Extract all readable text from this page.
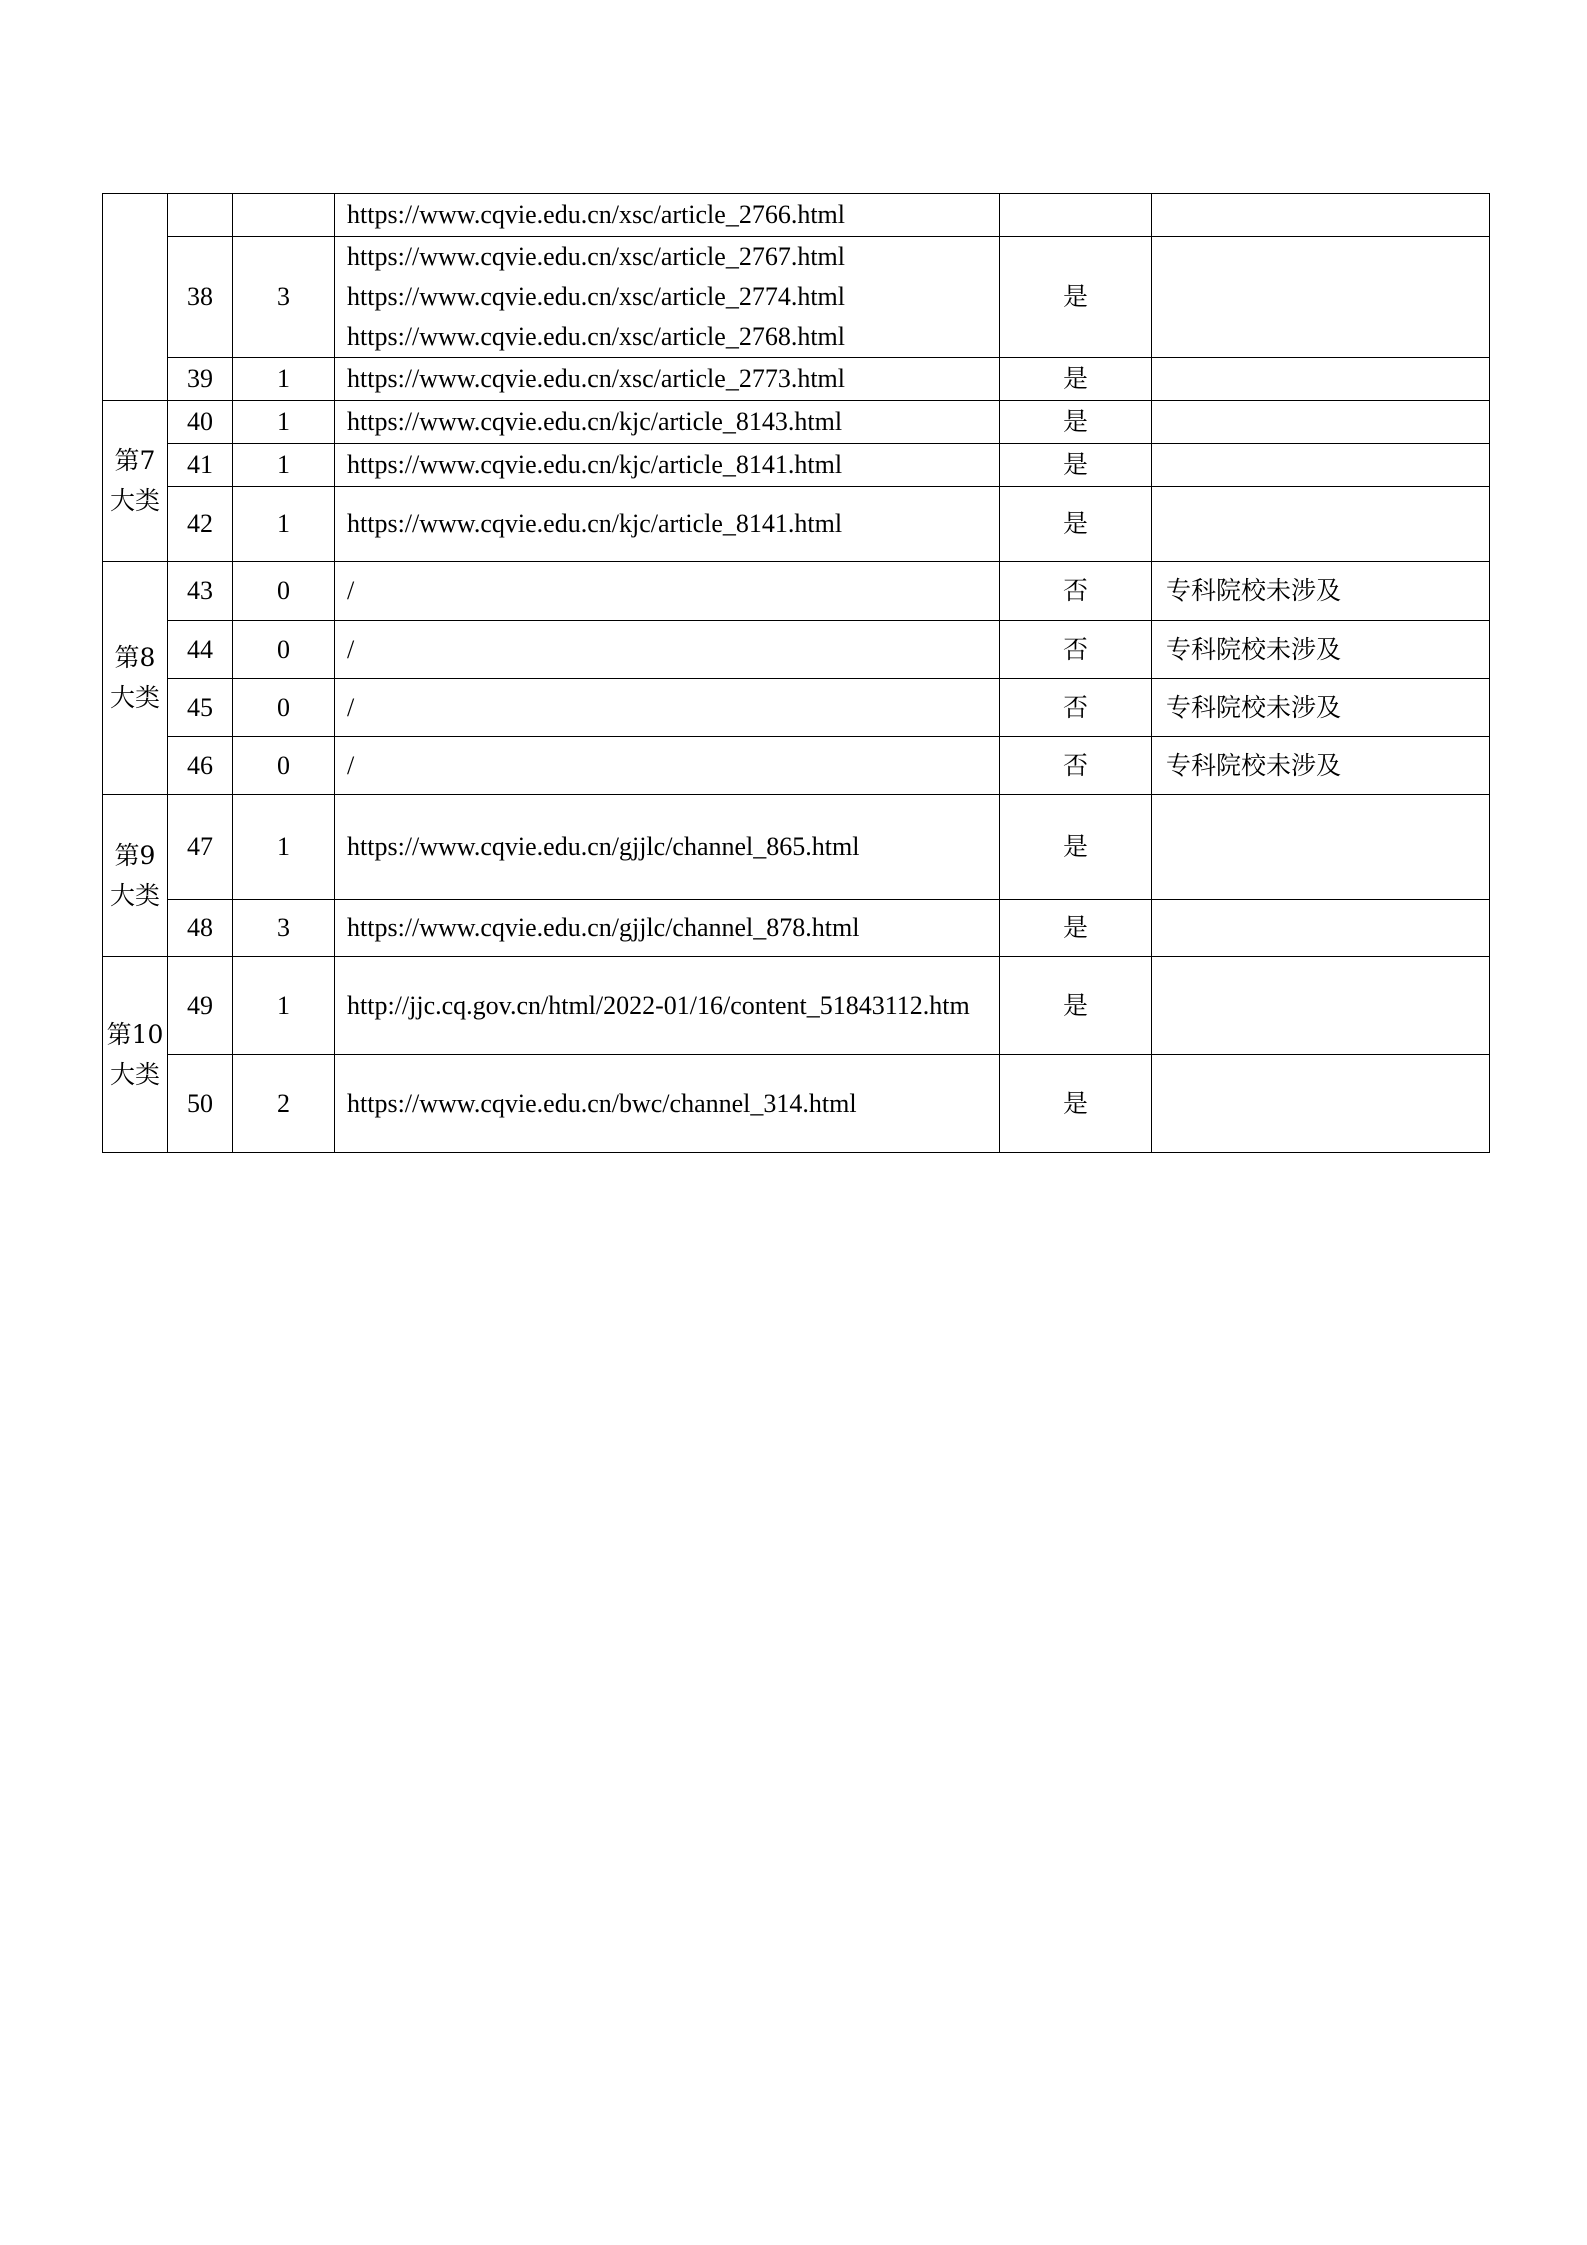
			https://www.cqvie.edu.cn/xsc/article_2766.html		

	38	3	https://www.cqvie.edu.cn/xsc/article_2767.html
https://www.cqvie.edu.cn/xsc/article_2774.html
https://www.cqvie.edu.cn/xsc/article_2768.html	是	
	39	1	https://www.cqvie.edu.cn/xsc/article_2773.html	是	
第7大类	40	1	https://www.cqvie.edu.cn/kjc/article_8143.html	是	
	41	1	https://www.cqvie.edu.cn/kjc/article_8141.html	是	
	42	1	https://www.cqvie.edu.cn/kjc/article_8141.html	是	
第8大类	43	0	/	否	专科院校未涉及
	44	0	/	否	专科院校未涉及
	45	0	/	否	专科院校未涉及
	46	0	/	否	专科院校未涉及
第9大类	47	1	https://www.cqvie.edu.cn/gjjlc/channel_865.html	是	
	48	3	https://www.cqvie.edu.cn/gjjlc/channel_878.html	是	
第10大类	49	1	http://jjc.cq.gov.cn/html/2022-01/16/content_51843112.htm	是	
	50	2	https://www.cqvie.edu.cn/bwc/channel_314.html	是	
